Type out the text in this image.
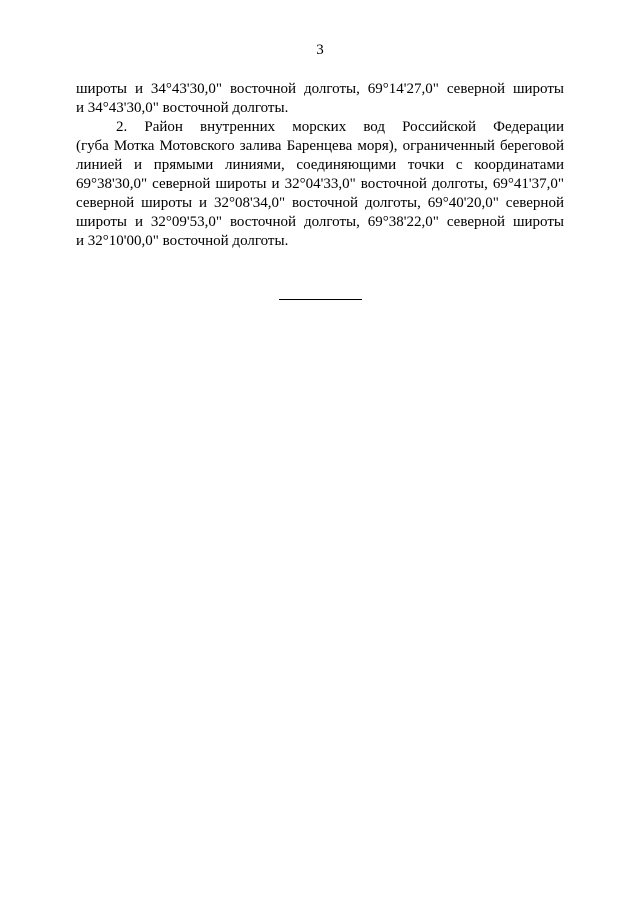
3
широты и 34°43'30,0" восточной долготы, 69°14'27,0" северной широты
и 34°43'30,0" восточной долготы.
2. Район внутренних морских вод Российской Федерации
(губа Мотка Мотовского залива Баренцева моря), ограниченный береговой
линией и прямыми линиями, соединяющими точки с координатами
69°38'30,0" северной широты и 32°04'33,0" восточной долготы, 69°41'37,0"
северной широты и 32°08'34,0" восточной долготы, 69°40'20,0" северной
широты и 32°09'53,0" восточной долготы, 69°38'22,0" северной широты
и 32°10'00,0" восточной долготы.
